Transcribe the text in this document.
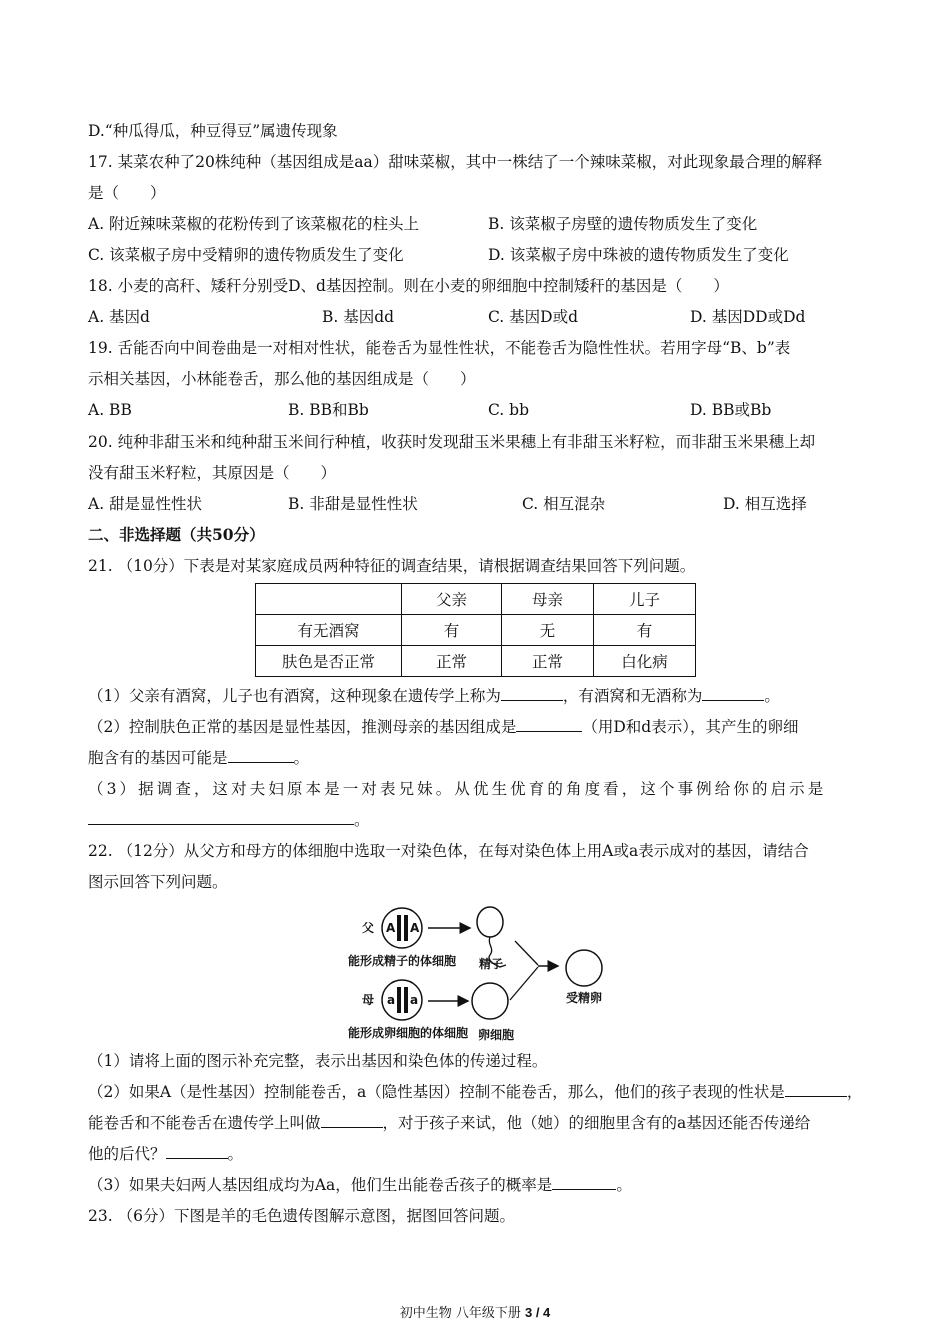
D.“种瓜得瓜，种豆得豆”属遗传现象
17. 某菜农种了20株纯种（基因组成是aa）甜味菜椒，其中一株结了一个辣味菜椒，对此现象最合理的解释
是（　　）
A. 附近辣味菜椒的花粉传到了该菜椒花的柱头上	B. 该菜椒子房壁的遗传物质发生了变化
C. 该菜椒子房中受精卵的遗传物质发生了变化	D. 该菜椒子房中珠被的遗传物质发生了变化
18. 小麦的高秆、矮秆分别受D、d基因控制。则在小麦的卵细胞中控制矮秆的基因是（　　）
A. 基因d	B. 基因dd	C. 基因D或d	D. 基因DD或Dd
19. 舌能否向中间卷曲是一对相对性状，能卷舌为显性性状，不能卷舌为隐性性状。若用字母“B、b”表
示相关基因，小林能卷舌，那么他的基因组成是（　　）
A. BB	B. BB和Bb	C. bb	D. BB或Bb
20. 纯种非甜玉米和纯种甜玉米间行种植，收获时发现甜玉米果穗上有非甜玉米籽粒，而非甜玉米果穗上却
没有甜玉米籽粒，其原因是（　　）
A. 甜是显性性状	B. 非甜是显性性状	C. 相互混杂	D. 相互选择
二、非选择题（共50分）
21. （10分）下表是对某家庭成员两种特征的调查结果，请根据调查结果回答下列问题。
	父亲	母亲	儿子
有无酒窝	有	无	有
肤色是否正常	正常	正常	白化病
（1）父亲有酒窝，儿子也有酒窝，这种现象在遗传学上称为	，有酒窝和无酒称为	。
（2）控制肤色正常的基因是显性基因，推测母亲的基因组成是	（用D和d表示），其产生的卵细
胞含有的基因可能是	。
（3）据调查，这对夫妇原本是一对表兄妹。从优生优育的角度看，这个事例给你的启示是
。
22. （12分）从父方和母方的体细胞中选取一对染色体，在每对染色体上用A或a表示成对的基因，请结合
图示回答下列问题。
父 A A
能形成精子的体细胞 精子
受精卵
母 a a
能形成卵细胞的体细胞 卵细胞
（1）请将上面的图示补充完整，表示出基因和染色体的传递过程。
（2）如果A（是性基因）控制能卷舌，a（隐性基因）控制不能卷舌，那么，他们的孩子表现的性状是	，
能卷舌和不能卷舌在遗传学上叫做	，对于孩子来试，他（她）的细胞里含有的a基因还能否传递给
他的后代？	。
（3）如果夫妇两人基因组成均为Aa，他们生出能卷舌孩子的概率是	。
23. （6分）下图是羊的毛色遗传图解示意图，据图回答问题。
初中生物 八年级下册 3 / 4
